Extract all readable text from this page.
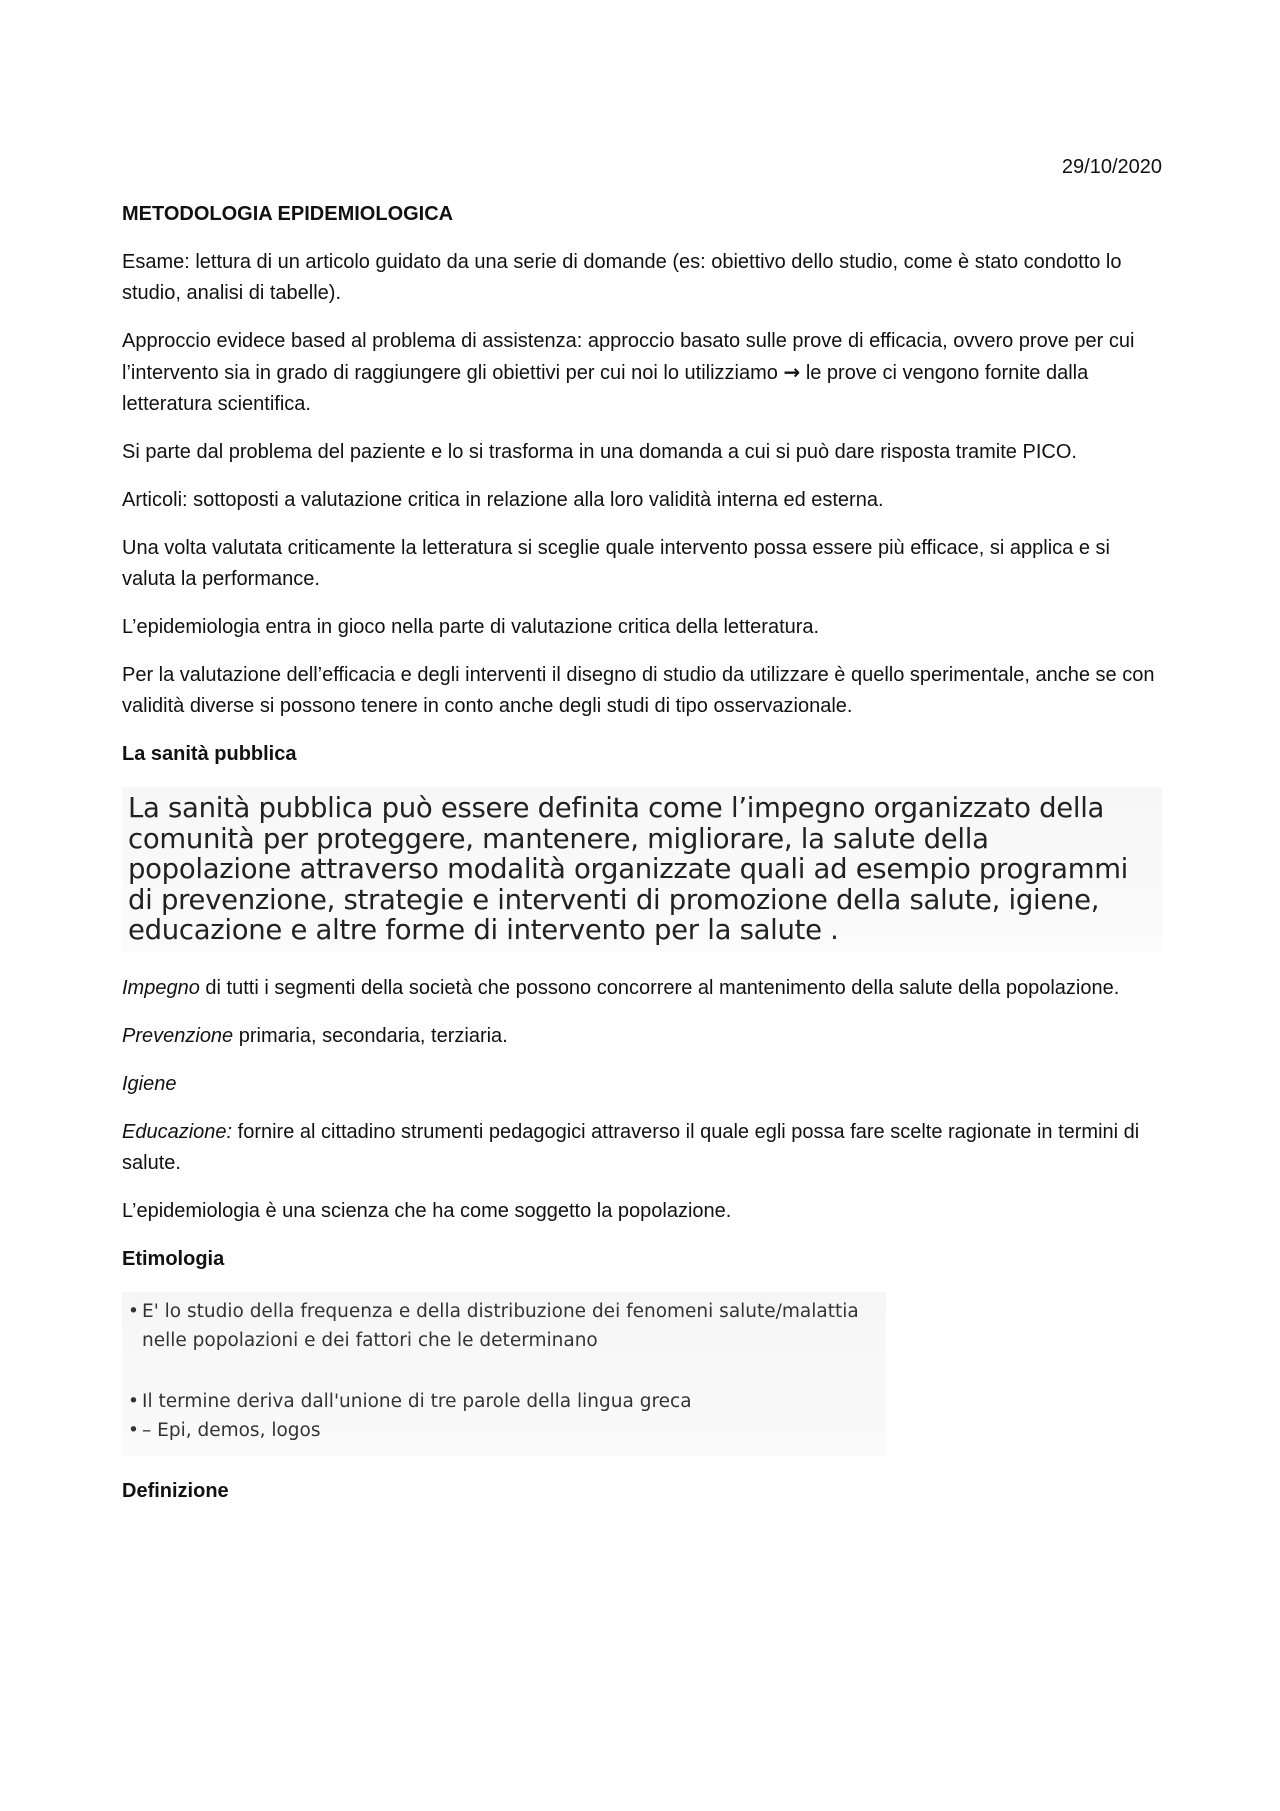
29/10/2020
METODOLOGIA EPIDEMIOLOGICA
Esame: lettura di un articolo guidato da una serie di domande (es: obiettivo dello studio, come è stato condotto lo studio, analisi di tabelle).
Approccio evidece based al problema di assistenza: approccio basato sulle prove di efficacia, ovvero prove per cui l’intervento sia in grado di raggiungere gli obiettivi per cui noi lo utilizziamo → le prove ci vengono fornite dalla letteratura scientifica.
Si parte dal problema del paziente e lo si trasforma in una domanda a cui si può dare risposta tramite PICO.
Articoli: sottoposti a valutazione critica in relazione alla loro validità interna ed esterna.
Una volta valutata criticamente la letteratura si sceglie quale intervento possa essere più efficace, si applica e si valuta la performance.
L’epidemiologia entra in gioco nella parte di valutazione critica della letteratura.
Per la valutazione dell’efficacia e degli interventi il disegno di studio da utilizzare è quello sperimentale, anche se con validità diverse si possono tenere in conto anche degli studi di tipo osservazionale.
La sanità pubblica
La sanità pubblica può essere definita come l’impegno organizzato della comunità per proteggere, mantenere, migliorare, la salute della popolazione attraverso modalità organizzate quali ad esempio programmi di prevenzione, strategie e interventi di promozione della salute, igiene, educazione e altre forme di intervento per la salute .
Impegno di tutti i segmenti della società che possono concorrere al mantenimento della salute della popolazione.
Prevenzione primaria, secondaria, terziaria.
Igiene
Educazione: fornire al cittadino strumenti pedagogici attraverso il quale egli possa fare scelte ragionate in termini di salute.
L’epidemiologia è una scienza che ha come soggetto la popolazione.
Etimologia
• E' lo studio della frequenza e della distribuzione dei fenomeni salute/malattia nelle popolazioni e dei fattori che le determinano
• Il termine deriva dall'unione di tre parole della lingua greca
• – Epi, demos, logos
Definizione
